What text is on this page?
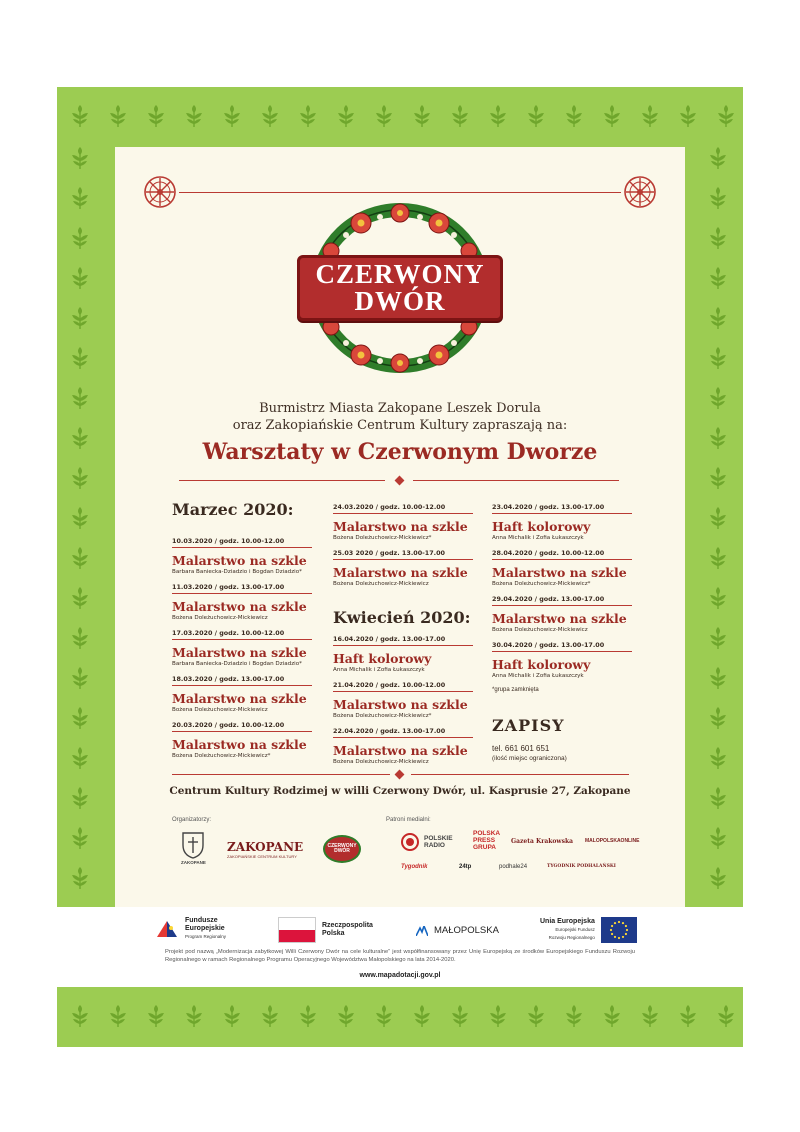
CZERWONY
DWÓR
Burmistrz Miasta Zakopane Leszek Dorula
oraz Zakopiańskie Centrum Kultury zapraszają na:
Warsztaty w Czerwonym Dworze
Marzec 2020:
10.03.2020 / godz. 10.00-12.00
Malarstwo na szkle
Barbara Baniecka-Dziadzio i Bogdan Dziadzio*
11.03.2020 / godz. 13.00-17.00
Malarstwo na szkle
Bożena Doleżuchowicz-Mickiewicz
17.03.2020 / godz. 10.00-12.00
Malarstwo na szkle
Barbara Baniecka-Dziadzio i Bogdan Dziadzio*
18.03.2020 / godz. 13.00-17.00
Malarstwo na szkle
Bożena Doleżuchowicz-Mickiewicz
20.03.2020 / godz. 10.00-12.00
Malarstwo na szkle
Bożena Doleżuchowicz-Mickiewicz*
24.03.2020 / godz. 10.00-12.00
Malarstwo na szkle
Bożena Doleżuchowicz-Mickiewicz*
25.03 2020 / godz. 13.00-17.00
Malarstwo na szkle
Bożena Doleżuchowicz-Mickiewicz
Kwiecień 2020:
16.04.2020 / godz. 13.00-17.00
Haft kolorowy
Anna Michalik i Zofia Łukaszczyk
21.04.2020 / godz. 10.00-12.00
Malarstwo na szkle
Bożena Doleżuchowicz-Mickiewicz*
22.04.2020 / godz. 13.00-17.00
Malarstwo na szkle
Bożena Doleżuchowicz-Mickiewicz
23.04.2020 / godz. 13.00-17.00
Haft kolorowy
Anna Michalik i Zofia Łukaszczyk
28.04.2020 / godz. 10.00-12.00
Malarstwo na szkle
Bożena Doleżuchowicz-Mickiewicz*
29.04.2020 / godz. 13.00-17.00
Malarstwo na szkle
Bożena Doleżuchowicz-Mickiewicz
30.04.2020 / godz. 13.00-17.00
Haft kolorowy
Anna Michalik i Zofia Łukaszczyk
*grupa zamknięta
ZAPISY
tel. 661 601 651
(ilość miejsc ograniczona)
Centrum Kultury Rodzimej w willi Czerwony Dwór, ul. Kasprusie 27, Zakopane
Organizatorzy:
ZAKOPANE
ZAKOPANE
ZAKOPIAŃSKIE CENTRUM KULTURY
CZERWONY
DWÓR
Patroni medialni:
POLSKIE
RADIO
POLSKA
PRESS
GRUPA
Gazeta Krakowska MALOPOLSKAONLINE
Tygodnik	24tp	podhale24	TYGODNIK PODHALAŃSKI
Fundusze
Europejskie
Program Regionalny
Rzeczpospolita
Polska	MAŁOPOLSKA
Unia Europejska
Europejski Fundusz
Rozwoju Regionalnego
Projekt pod nazwą „Modernizacja zabytkowej Willi Czerwony Dwór na cele kulturalne” jest współfinansowany przez Unię Europejską ze środków Europejskiego Funduszu Rozwoju Regionalnego w ramach Regionalnego Programu Operacyjnego Województwa Małopolskiego na lata 2014-2020.
www.mapadotacji.gov.pl
